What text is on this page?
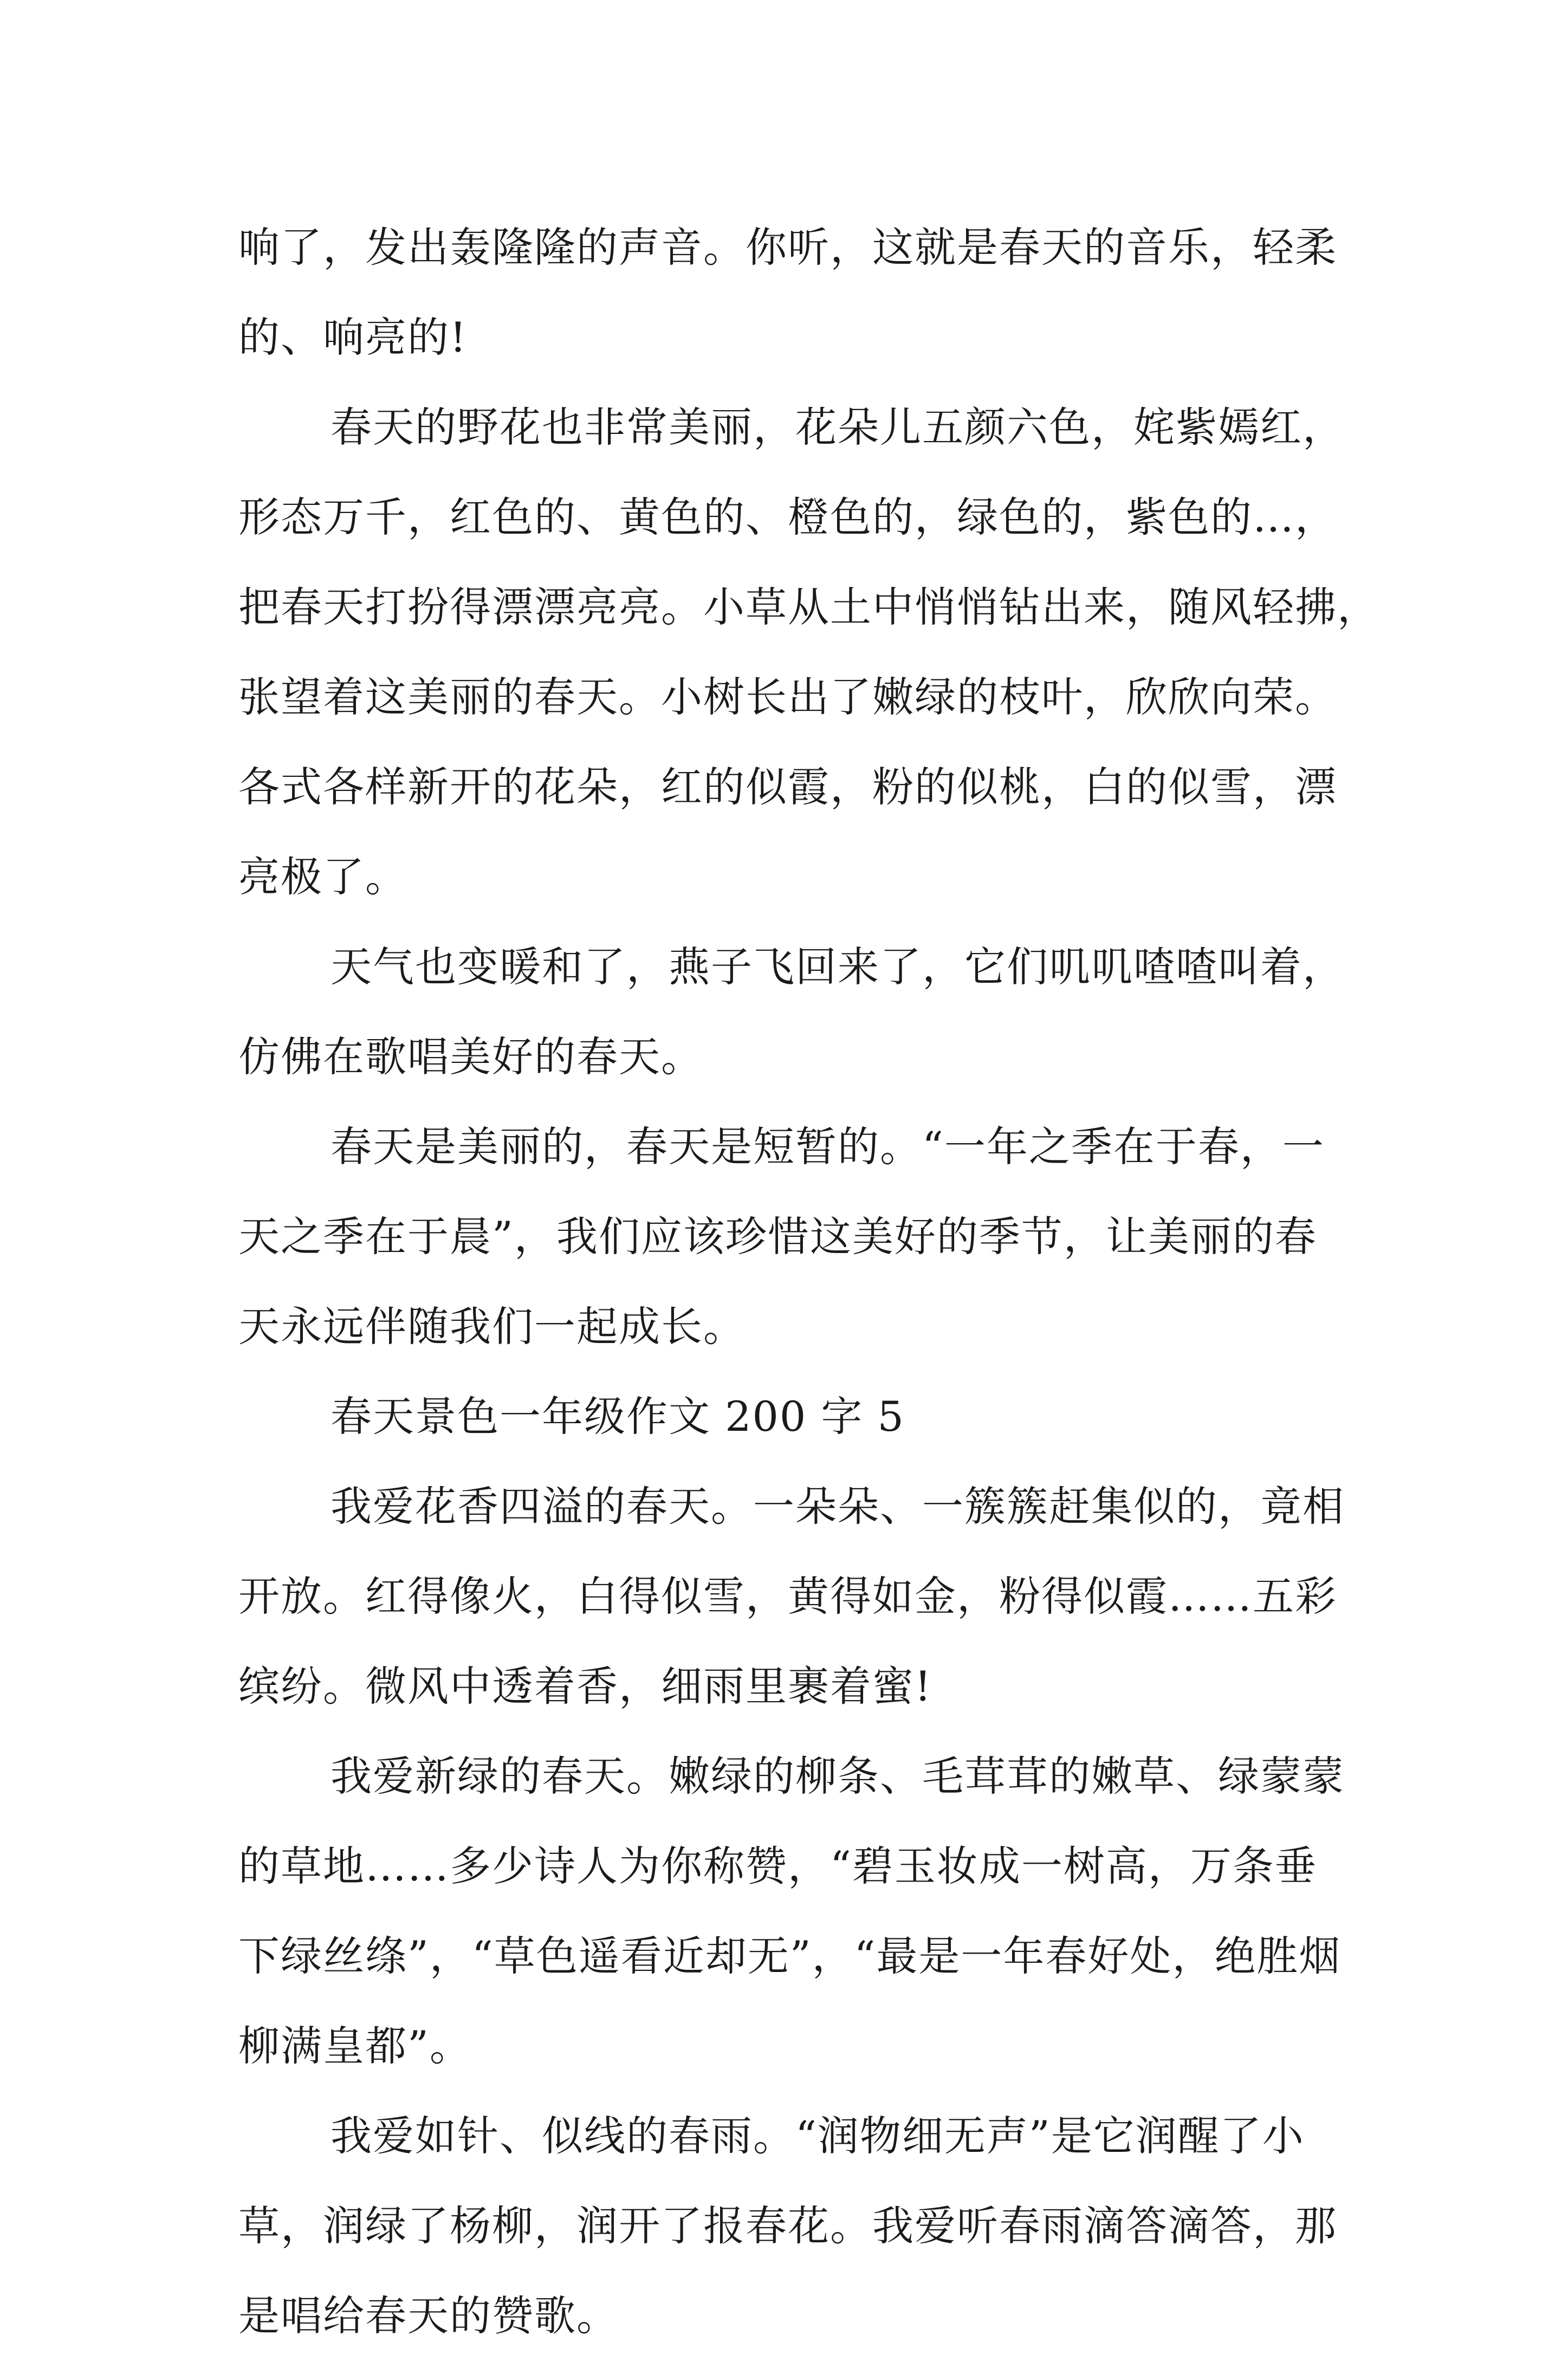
响了，发出轰隆隆的声音。你听，这就是春天的音乐，轻柔
的、响亮的!
春天的野花也非常美丽，花朵儿五颜六色，姹紫嫣红，
形态万千，红色的、黄色的、橙色的，绿色的，紫色的…，
把春天打扮得漂漂亮亮。小草从土中悄悄钻出来，随风轻拂，
张望着这美丽的春天。小树长出了嫩绿的枝叶，欣欣向荣。
各式各样新开的花朵，红的似霞，粉的似桃，白的似雪，漂
亮极了。
天气也变暖和了，燕子飞回来了，它们叽叽喳喳叫着，
仿佛在歌唱美好的春天。
春天是美丽的，春天是短暂的。“一年之季在于春，一
天之季在于晨”，我们应该珍惜这美好的季节，让美丽的春
天永远伴随我们一起成长。
春天景色一年级作文 200 字 5
我爱花香四溢的春天。一朵朵、一簇簇赶集似的，竟相
开放。红得像火，白得似雪，黄得如金，粉得似霞……五彩
缤纷。微风中透着香，细雨里裹着蜜!
我爱新绿的春天。嫩绿的柳条、毛茸茸的嫩草、绿蒙蒙
的草地……多少诗人为你称赞，“碧玉妆成一树高，万条垂
下绿丝绦”，“草色遥看近却无”，“最是一年春好处，绝胜烟
柳满皇都”。
我爱如针、似线的春雨。“润物细无声”是它润醒了小
草，润绿了杨柳，润开了报春花。我爱听春雨滴答滴答，那
是唱给春天的赞歌。
